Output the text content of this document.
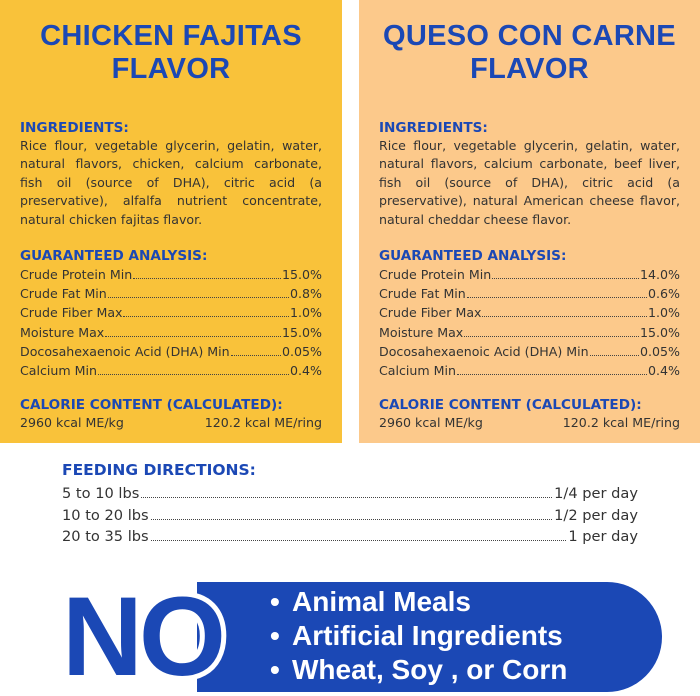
CHICKEN FAJITAS
FLAVOR
INGREDIENTS:

Rice flour, vegetable glycerin, gelatin, water, natural flavors, chicken, calcium carbonate, fish oil (source of DHA), citric acid (a preservative), alfalfa nutrient concentrate, natural chicken fajitas flavor.

GUARANTEED ANALYSIS:
Crude Protein Min	15.0%
Crude Fat Min	0.8%
Crude Fiber Max	1.0%
Moisture Max	15.0%
Docosahexaenoic Acid (DHA) Min	0.05%
Calcium Min	0.4%
CALORIE CONTENT (CALCULATED):
2960 kcal ME/kg	120.2 kcal ME/ring
QUESO CON CARNE
FLAVOR
INGREDIENTS:

Rice flour, vegetable glycerin, gelatin, water, natural flavors, calcium carbonate, beef liver, fish oil (source of DHA), citric acid (a preservative), natural American cheese flavor, natural cheddar cheese flavor.

GUARANTEED ANALYSIS:
Crude Protein Min	14.0%
Crude Fat Min	0.6%
Crude Fiber Max	1.0%
Moisture Max	15.0%
Docosahexaenoic Acid (DHA) Min	0.05%
Calcium Min	0.4%
CALORIE CONTENT (CALCULATED):
2960 kcal ME/kg	120.2 kcal ME/ring
FEEDING DIRECTIONS:
5 to 10 lbs	1/4 per day
10 to 20 lbs	1/2 per day
20 to 35 lbs	1 per day
NO
•	Animal Meals
• Artificial Ingredients
• Wheat, Soy , or Corn
